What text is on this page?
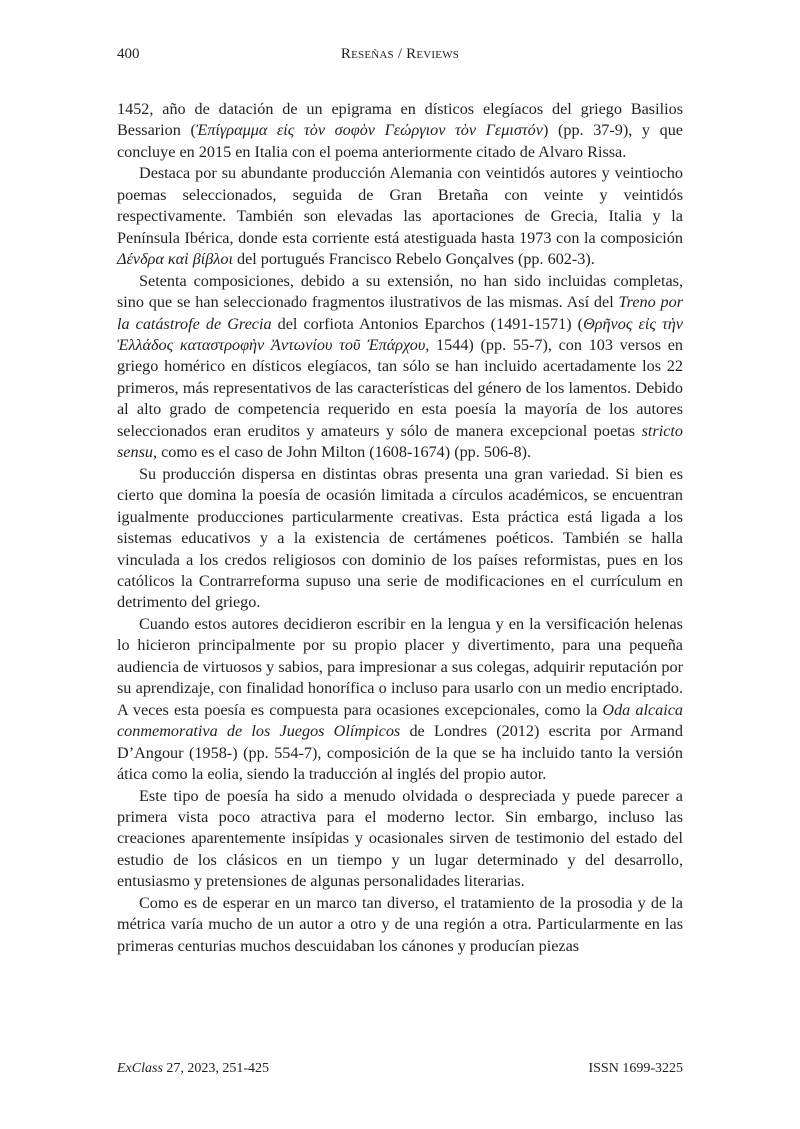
400	Reseñas / Reviews

1452, año de datación de un epigrama en dísticos elegíacos del griego Basilios Bessarion (Ἐπίγραμμα εἰς τὸν σοφὸν Γεώργιον τὸν Γεμιστόν) (pp. 37-9), y que concluye en 2015 en Italia con el poema anteriormente citado de Alvaro Rissa.

Destaca por su abundante producción Alemania con veintidós autores y veintiocho poemas seleccionados, seguida de Gran Bretaña con veinte y veintidós respectivamente. También son elevadas las aportaciones de Grecia, Italia y la Península Ibérica, donde esta corriente está atestiguada hasta 1973 con la composición Δένδρα καὶ βίβλοι del portugués Francisco Rebelo Gonçalves (pp. 602-3).

Setenta composiciones, debido a su extensión, no han sido incluidas completas, sino que se han seleccionado fragmentos ilustrativos de las mismas. Así del Treno por la catástrofe de Grecia del corfiota Antonios Eparchos (1491-1571) (Θρῆνος εἰς τὴν Ἑλλάδος καταστροφὴν Ἀντωνίου τοῦ Ἐπάρχου, 1544) (pp. 55-7), con 103 versos en griego homérico en dísticos elegíacos, tan sólo se han incluido acertadamente los 22 primeros, más representativos de las características del género de los lamentos. Debido al alto grado de competencia requerido en esta poesía la mayoría de los autores seleccionados eran eruditos y amateurs y sólo de manera excepcional poetas stricto sensu, como es el caso de John Milton (1608-1674) (pp. 506-8).

Su producción dispersa en distintas obras presenta una gran variedad. Si bien es cierto que domina la poesía de ocasión limitada a círculos académicos, se encuentran igualmente producciones particularmente creativas. Esta práctica está ligada a los sistemas educativos y a la existencia de certámenes poéticos. También se halla vinculada a los credos religiosos con dominio de los países reformistas, pues en los católicos la Contrarreforma supuso una serie de modificaciones en el currículum en detrimento del griego.

Cuando estos autores decidieron escribir en la lengua y en la versificación helenas lo hicieron principalmente por su propio placer y divertimento, para una pequeña audiencia de virtuosos y sabios, para impresionar a sus colegas, adquirir reputación por su aprendizaje, con finalidad honorífica o incluso para usarlo con un medio encriptado. A veces esta poesía es compuesta para ocasiones excepcionales, como la Oda alcaica conmemorativa de los Juegos Olímpicos de Londres (2012) escrita por Armand D’Angour (1958-) (pp. 554-7), composición de la que se ha incluido tanto la versión ática como la eolia, siendo la traducción al inglés del propio autor.

Este tipo de poesía ha sido a menudo olvidada o despreciada y puede parecer a primera vista poco atractiva para el moderno lector. Sin embargo, incluso las creaciones aparentemente insípidas y ocasionales sirven de testimonio del estado del estudio de los clásicos en un tiempo y un lugar determinado y del desarrollo, entusiasmo y pretensiones de algunas personalidades literarias.

Como es de esperar en un marco tan diverso, el tratamiento de la prosodia y de la métrica varía mucho de un autor a otro y de una región a otra. Particularmente en las primeras centurias muchos descuidaban los cánones y producían piezas

ExClass 27, 2023, 251-425	ISSN 1699-3225
